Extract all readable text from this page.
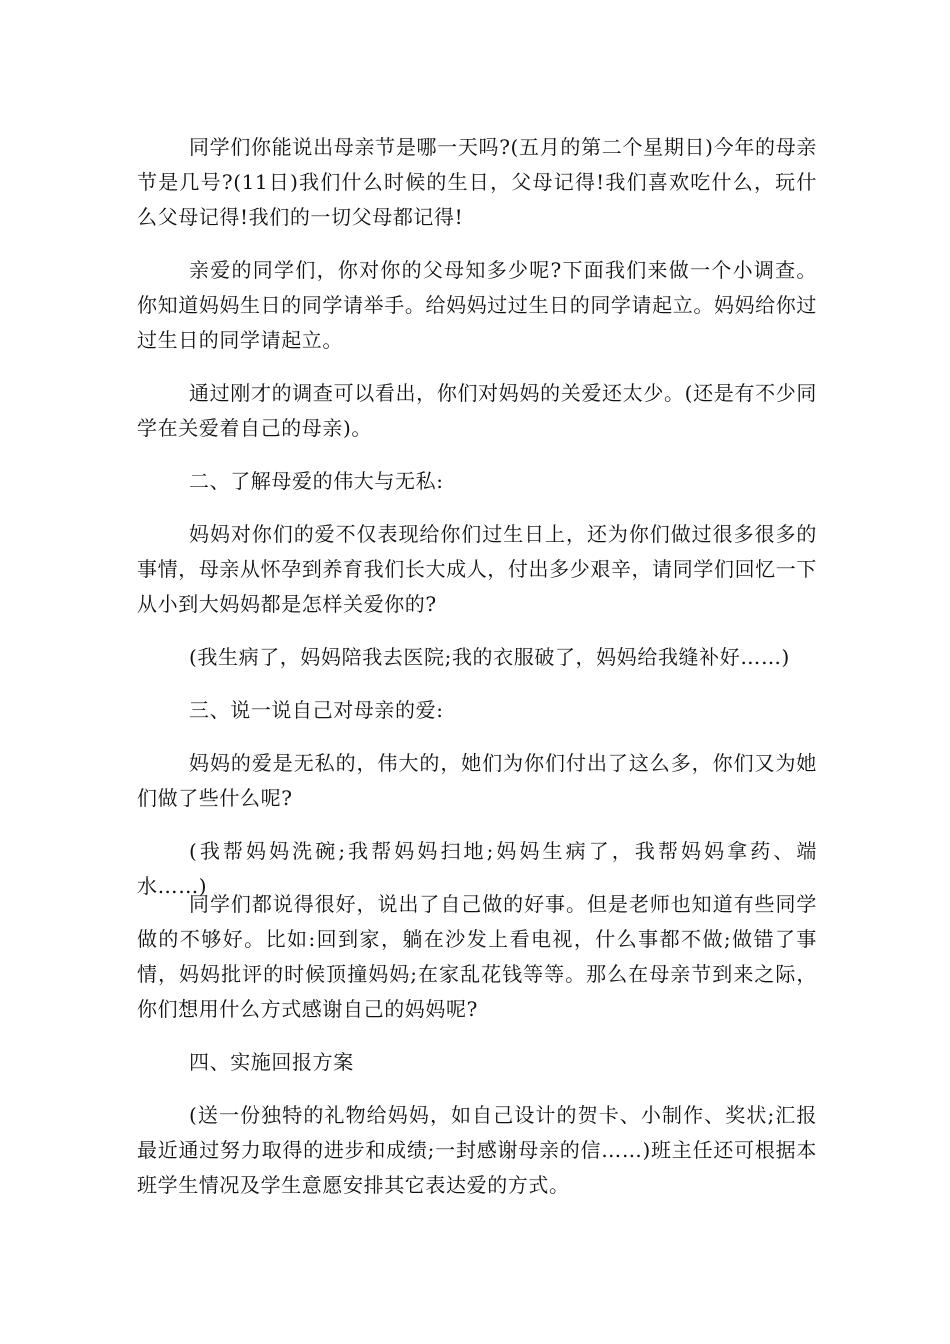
同学们你能说出母亲节是哪一天吗?(五月的第二个星期日)今年的母亲节是几号?(11日)我们什么时候的生日，父母记得!我们喜欢吃什么，玩什么父母记得!我们的一切父母都记得!

亲爱的同学们，你对你的父母知多少呢?下面我们来做一个小调查。你知道妈妈生日的同学请举手。给妈妈过过生日的同学请起立。妈妈给你过过生日的同学请起立。

通过刚才的调查可以看出，你们对妈妈的关爱还太少。(还是有不少同学在关爱着自己的母亲)。

二、了解母爱的伟大与无私:

妈妈对你们的爱不仅表现给你们过生日上，还为你们做过很多很多的事情，母亲从怀孕到养育我们长大成人，付出多少艰辛，请同学们回忆一下从小到大妈妈都是怎样关爱你的?

(我生病了，妈妈陪我去医院;我的衣服破了，妈妈给我缝补好……)

三、说一说自己对母亲的爱:

妈妈的爱是无私的，伟大的，她们为你们付出了这么多，你们又为她们做了些什么呢?

(我帮妈妈洗碗;我帮妈妈扫地;妈妈生病了，我帮妈妈拿药、端水……)

同学们都说得很好，说出了自己做的好事。但是老师也知道有些同学做的不够好。比如:回到家，躺在沙发上看电视，什么事都不做;做错了事情，妈妈批评的时候顶撞妈妈;在家乱花钱等等。那么在母亲节到来之际，你们想用什么方式感谢自己的妈妈呢?

四、实施回报方案

(送一份独特的礼物给妈妈，如自己设计的贺卡、小制作、奖状;汇报最近通过努力取得的进步和成绩;一封感谢母亲的信……)班主任还可根据本班学生情况及学生意愿安排其它表达爱的方式。
